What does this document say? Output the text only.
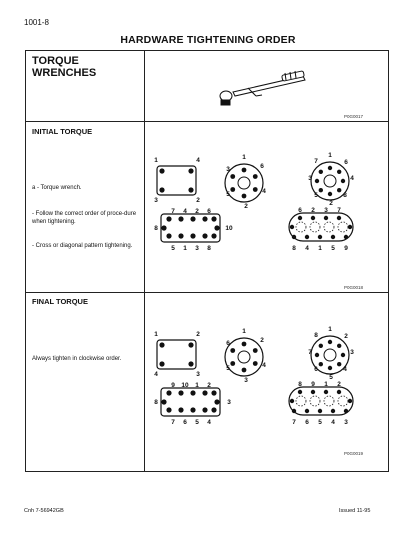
1001-8
HARDWARE TIGHTENING ORDER
TORQUE
WRENCHES
P0G0017
INITIAL TORQUE
a - Torque wrench.
- Follow the correct order of proce-dure when tightening.
- Cross or diagonal pattern tightening.
P0G0018
FINAL TORQUE
Always tighten in clockwise order.
P0G0019
1	4
3	2
1
3	6
5	4
2
1
7	6
3	4
5	8
2
7 4 2 6
5 1 3 8
8	10
6 2 3 7
8 4 1 5 9
1	2
4	3
1
6	2
5	4
3
1
8	2
7	3
6	4
5
9 10 1 2
7 6 5 4
8	3
8 9 1 2
7 6 5 4 3
Cnh 7-56942GB	Issued 11-95
